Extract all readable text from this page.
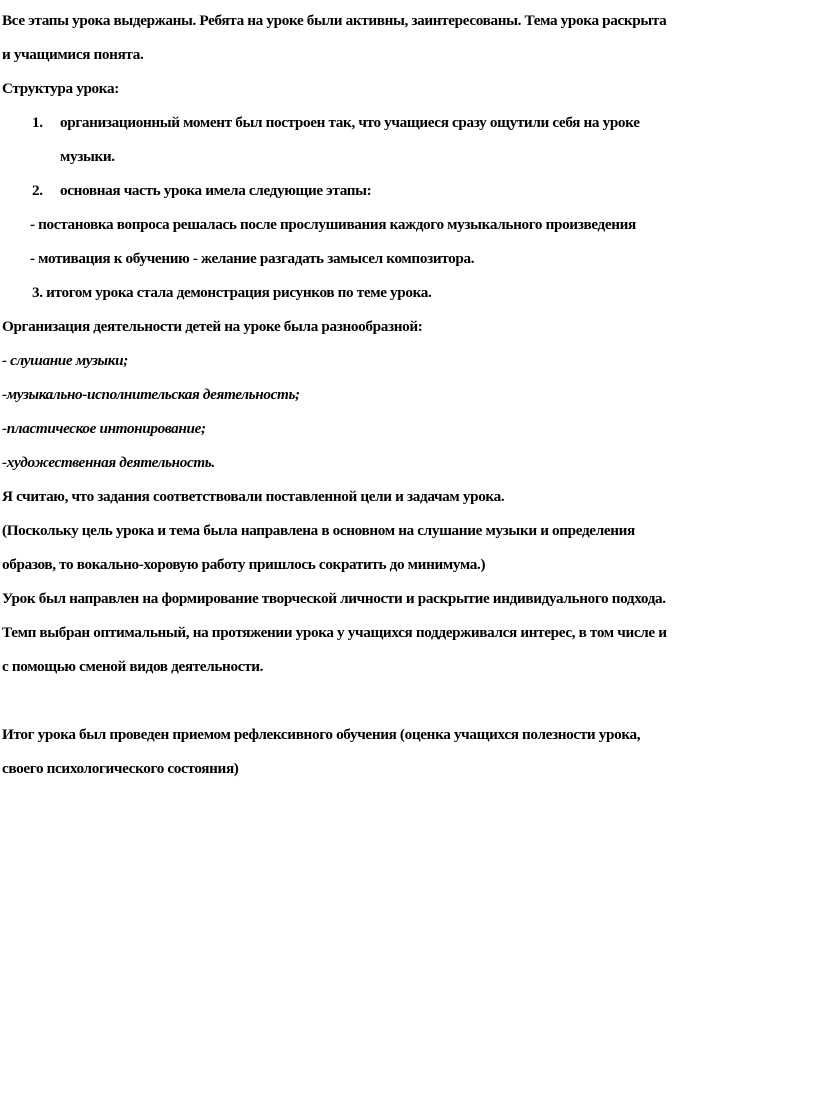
Все этапы урока выдержаны. Ребята на уроке были активны, заинтересованы. Тема урока раскрыта

и учащимися понята.

Структура урока:

1. организационный момент был построен так, что учащиеся сразу ощутили себя на уроке

музыки.

2. основная часть урока имела следующие этапы:

- постановка вопроса решалась после прослушивания каждого музыкального произведения

- мотивация к обучению - желание разгадать замысел композитора.

3. итогом урока стала демонстрация рисунков по теме урока.

Организация деятельности детей на уроке была разнообразной:

- слушание музыки;

-музыкально-исполнительская деятельность;

-пластическое интонирование;

-художественная деятельность.

Я считаю, что задания соответствовали поставленной цели и задачам урока.

(Поскольку цель урока и тема была направлена в основном на слушание музыки и определения

образов, то вокально-хоровую работу пришлось сократить до минимума.)

Урок был направлен на формирование творческой личности и раскрытие индивидуального подхода.

Темп выбран оптимальный, на протяжении урока у учащихся поддерживался интерес, в том числе и

с помощью сменой видов деятельности.

Итог урока был проведен приемом рефлексивного обучения (оценка учащихся полезности урока,

своего психологического состояния)
